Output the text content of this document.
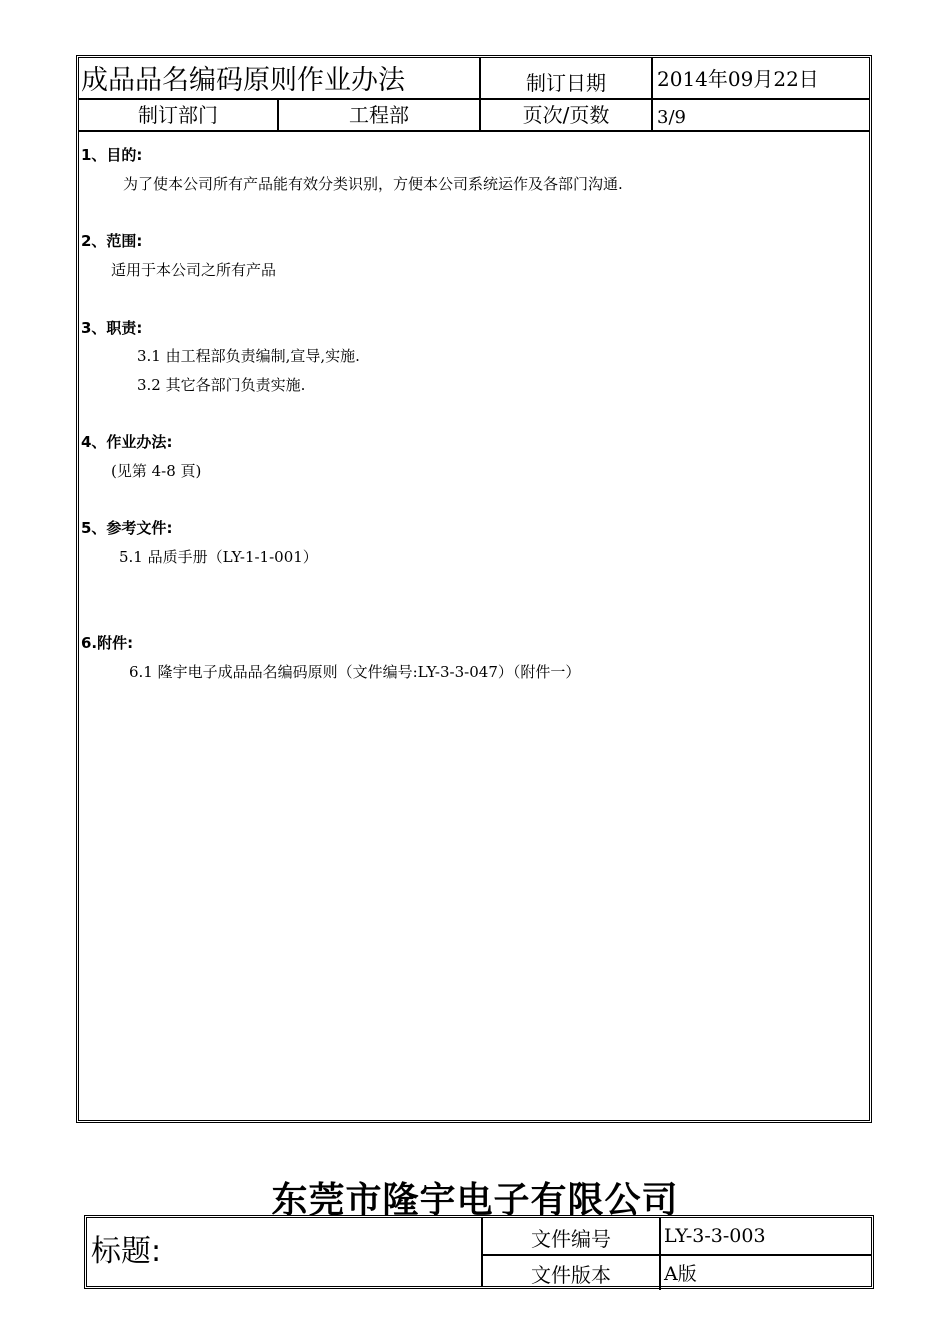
成品品名编码原则作业办法	制订日期	2014年09月22日
制订部门	工程部	页次/页数	3/9
1、目的:
为了使本公司所有产品能有效分类识别，方便本公司系统运作及各部门沟通.
2、范围:
适用于本公司之所有产品
3、职责:
3.1 由工程部负责编制,宣导,实施.
3.2 其它各部门负责实施.
4、作业办法:
(见第 4-8 頁)
5、参考文件:
5.1 品质手册（LY-1-1-001）
6.附件:
6.1 隆宇电子成品品名编码原则（文件编号:LY-3-3-047）（附件一）
东莞市隆宇电子有限公司
标题:	文件编号	LY-3-3-003
文件版本	A版
